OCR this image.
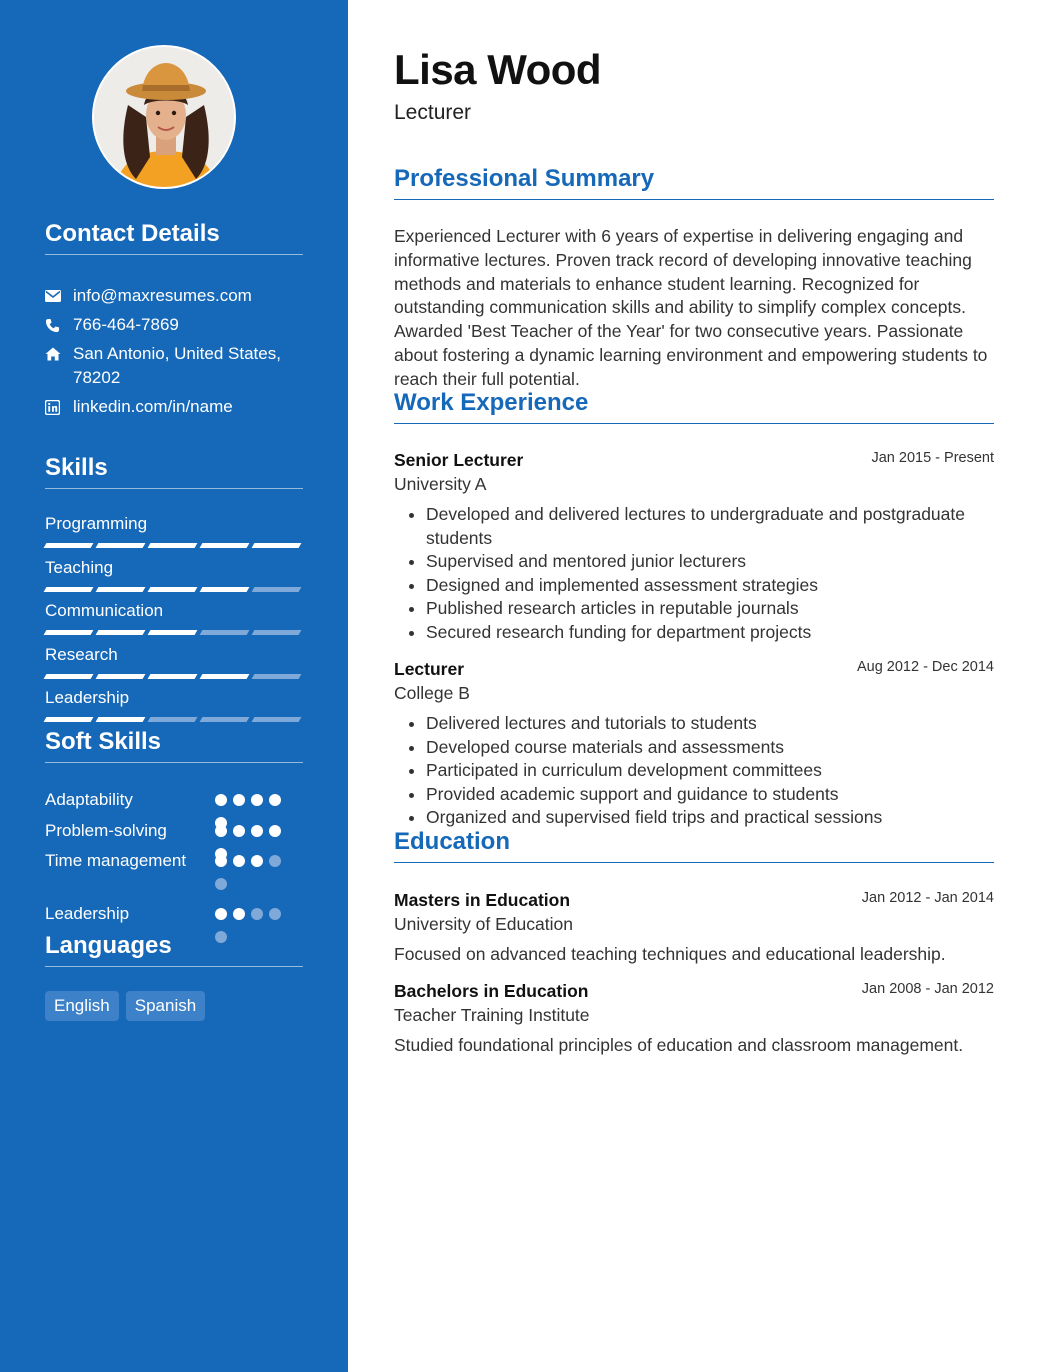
Contact Details
info@maxresumes.com
766-464-7869
San Antonio, United States, 78202
linkedin.com/in/name
Skills
Programming
Teaching
Communication
Research
Leadership
Soft Skills
Adaptability
Problem-solving
Time management
Leadership
Languages
English	Spanish
Lisa Wood
Lecturer
Professional Summary

Experienced Lecturer with 6 years of expertise in delivering engaging and informative lectures. Proven track record of developing innovative teaching methods and materials to enhance student learning. Recognized for outstanding communication skills and ability to simplify complex concepts. Awarded 'Best Teacher of the Year' for two consecutive years. Passionate about fostering a dynamic learning environment and empowering students to reach their full potential.

Work Experience
Senior Lecturer	Jan 2015 - Present
University A
• Developed and delivered lectures to undergraduate and postgraduate students
• Supervised and mentored junior lecturers
• Designed and implemented assessment strategies
• Published research articles in reputable journals
• Secured research funding for department projects
Lecturer	Aug 2012 - Dec 2014
College B
• Delivered lectures and tutorials to students
• Developed course materials and assessments
• Participated in curriculum development committees
• Provided academic support and guidance to students
• Organized and supervised field trips and practical sessions
Education
Masters in Education	Jan 2012 - Jan 2014
University of Education
Focused on advanced teaching techniques and educational leadership.
Bachelors in Education	Jan 2008 - Jan 2012
Teacher Training Institute
Studied foundational principles of education and classroom management.
